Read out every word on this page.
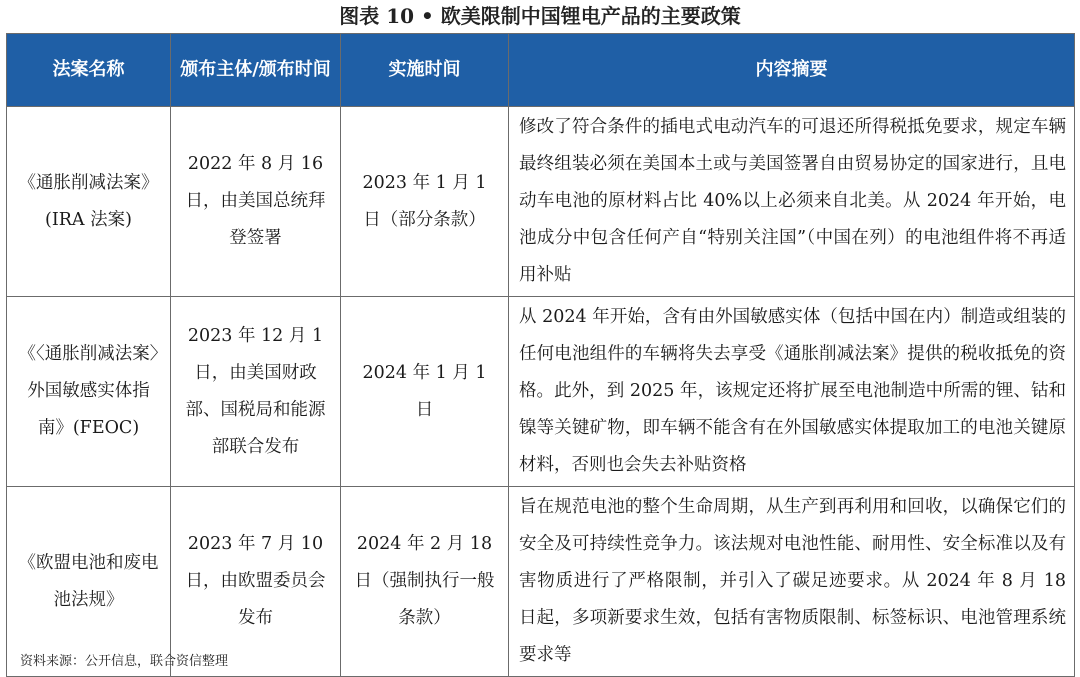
图表 10 • 欧美限制中国锂电产品的主要政策
法案名称	颁布主体/颁布时间	实施时间	内容摘要
《通胀削减法案》(IRA 法案)	2022 年 8 月 16 日，由美国总统拜登签署	2023 年 1 月 1 日（部分条款）	修改了符合条件的插电式电动汽车的可退还所得税抵免要求，规定车辆最终组装必须在美国本土或与美国签署自由贸易协定的国家进行，且电动车电池的原材料占比 40%以上必须来自北美。从 2024 年开始，电池成分中包含任何产自“特别关注国”（中国在列）的电池组件将不再适用补贴
《〈通胀削减法案〉外国敏感实体指南》(FEOC)	2023 年 12 月 1 日，由美国财政部、国税局和能源部联合发布	2024 年 1 月 1 日	从 2024 年开始，含有由外国敏感实体（包括中国在内）制造或组装的任何电池组件的车辆将失去享受《通胀削减法案》提供的税收抵免的资格。此外，到 2025 年，该规定还将扩展至电池制造中所需的锂、钴和镍等关键矿物，即车辆不能含有在外国敏感实体提取加工的电池关键原材料，否则也会失去补贴资格
《欧盟电池和废电池法规》	2023 年 7 月 10 日，由欧盟委员会发布	2024 年 2 月 18 日（强制执行一般条款）	旨在规范电池的整个生命周期，从生产到再利用和回收，以确保它们的安全及可持续性竞争力。该法规对电池性能、耐用性、安全标准以及有害物质进行了严格限制，并引入了碳足迹要求。从 2024 年 8 月 18 日起，多项新要求生效，包括有害物质限制、标签标识、电池管理系统要求等
资料来源：公开信息，联合资信整理
